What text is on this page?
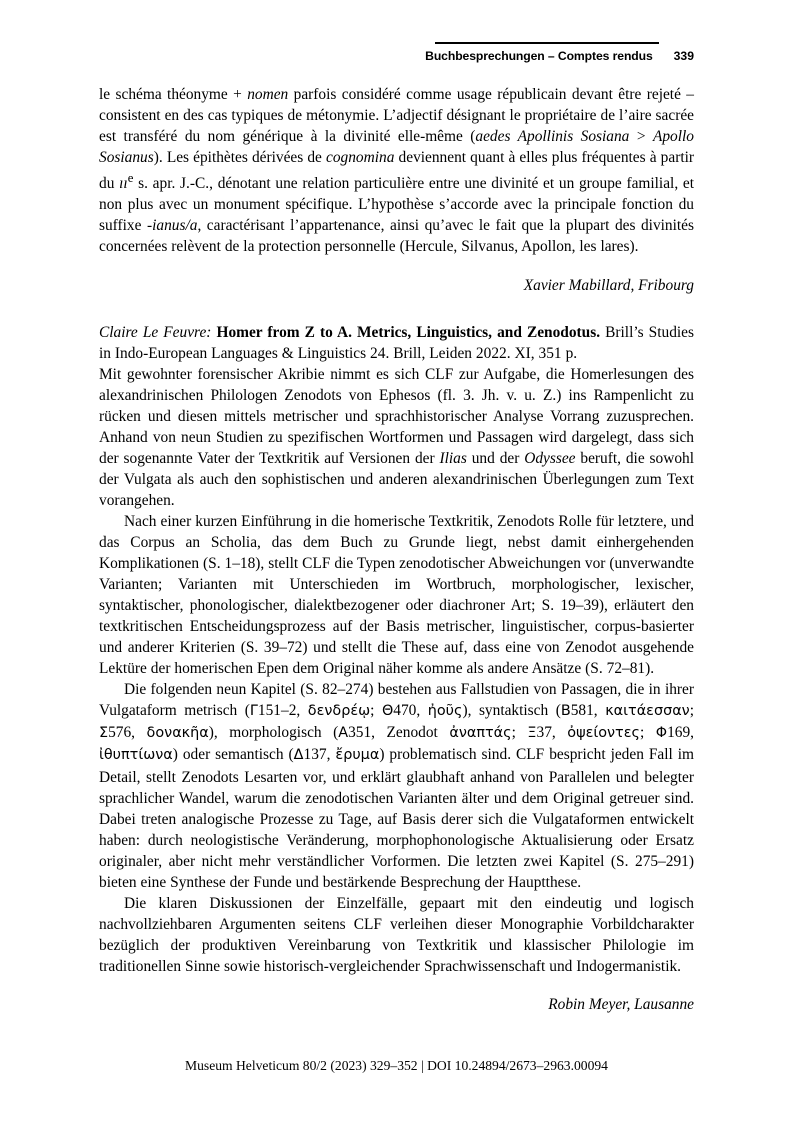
Buchbesprechungen – Comptes rendus 339

le schéma théonyme + nomen parfois considéré comme usage républicain devant être rejeté – consistent en des cas typiques de métonymie. L’adjectif désignant le propriétaire de l’aire sacrée est transféré du nom générique à la divinité elle-même (aedes Apollinis Sosiana > Apollo Sosianus). Les épithètes dérivées de cognomina deviennent quant à elles plus fréquentes à partir du $ıı^e$ s. apr. J.-C., dénotant une relation particulière entre une divinité et un groupe familial, et non plus avec un monument spécifique. L’hypothèse s’accorde avec la principale fonction du suffixe -ianus/a, caractérisant l’appartenance, ainsi qu’avec le fait que la plupart des divinités concernées relèvent de la protection personnelle (Hercule, Silvanus, Apollon, les lares).

Xavier Mabillard, Fribourg

Claire Le Feuvre: Homer from Z to A. Metrics, Linguistics, and Zenodotus. Brill’s Studies in Indo-European Languages & Linguistics 24. Brill, Leiden 2022. XI, 351 p.

Mit gewohnter forensischer Akribie nimmt es sich CLF zur Aufgabe, die Homerlesungen des alexandrinischen Philologen Zenodots von Ephesos (fl. 3. Jh. v. u. Z.) ins Rampenlicht zu rücken und diesen mittels metrischer und sprachhistorischer Analyse Vorrang zuzusprechen. Anhand von neun Studien zu spezifischen Wortformen und Passagen wird dargelegt, dass sich der sogenannte Vater der Textkritik auf Versionen der Ilias und der Odyssee beruft, die sowohl der Vulgata als auch den sophistischen und anderen alexandrinischen Überlegungen zum Text vorangehen.

Nach einer kurzen Einführung in die homerische Textkritik, Zenodots Rolle für letztere, und das Corpus an Scholia, das dem Buch zu Grunde liegt, nebst damit einhergehenden Komplikationen (S. 1–18), stellt CLF die Typen zenodotischer Abweichungen vor (unverwandte Varianten; Varianten mit Unterschieden im Wortbruch, morphologischer, lexischer, syntaktischer, phonologischer, dialektbezogener oder diachroner Art; S. 19–39), erläutert den textkritischen Entscheidungsprozess auf der Basis metrischer, linguistischer, corpus-basierter und anderer Kriterien (S. 39–72) und stellt die These auf, dass eine von Zenodot ausgehende Lektüre der homerischen Epen dem Original näher komme als andere Ansätze (S. 72–81).

Die folgenden neun Kapitel (S. 82–274) bestehen aus Fallstudien von Passagen, die in ihrer Vulgataform metrisch (Γ151–2, δενδρέῳ; Θ470, ἠοῦς), syntaktisch (Β581, καιτάεσσαν; Σ576, δονακῆα), morphologisch (Α351, Zenodot ἀναπτάς; Ξ37, ὀψείοντες; Φ169, ἰθυπτίωνα) oder semantisch (Δ137, ἔρυμα) problematisch sind. CLF bespricht jeden Fall im Detail, stellt Zenodots Lesarten vor, und erklärt glaubhaft anhand von Parallelen und belegter sprachlicher Wandel, warum die zenodotischen Varianten älter und dem Original getreuer sind. Dabei treten analogische Prozesse zu Tage, auf Basis derer sich die Vulgataformen entwickelt haben: durch neologistische Veränderung, morphophonologische Aktualisierung oder Ersatz originaler, aber nicht mehr verständlicher Vorformen. Die letzten zwei Kapitel (S. 275–291) bieten eine Synthese der Funde und bestärkende Besprechung der Hauptthese.

Die klaren Diskussionen der Einzelfälle, gepaart mit den eindeutig und logisch nachvollziehbaren Argumenten seitens CLF verleihen dieser Monographie Vorbildcharakter bezüglich der produktiven Vereinbarung von Textkritik und klassischer Philologie im traditionellen Sinne sowie historisch-vergleichender Sprachwissenschaft und Indogermanistik.

Robin Meyer, Lausanne

Museum Helveticum 80/2 (2023) 329–352 | DOI 10.24894/2673–2963.00094
